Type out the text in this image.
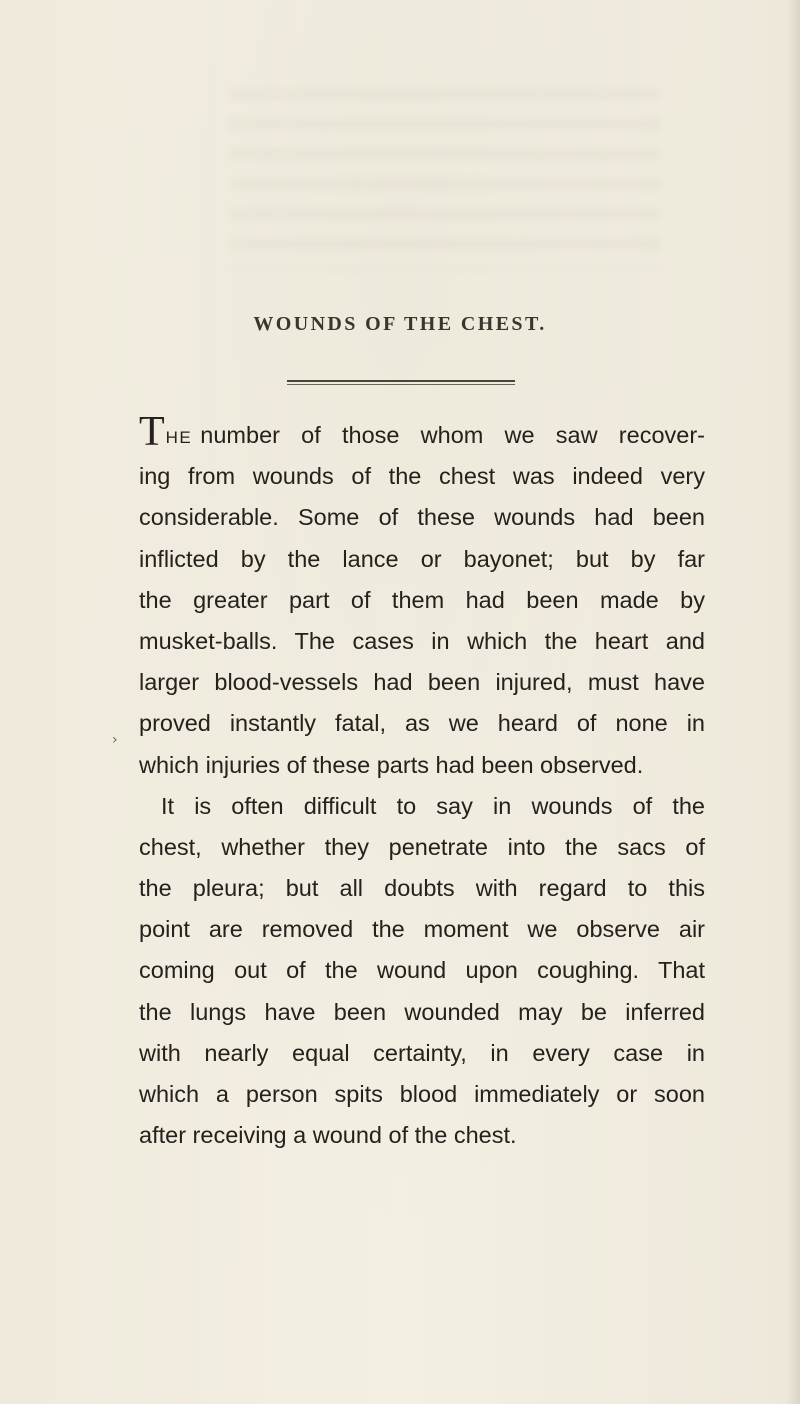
WOUNDS OF THE CHEST.
›
THE number of those whom we saw recover-
ing from wounds of the chest was indeed very
considerable. Some of these wounds had been
inflicted by the lance or bayonet; but by far
the greater part of them had been made by
musket-balls. The cases in which the heart and
larger blood-vessels had been injured, must have
proved instantly fatal, as we heard of none in
which injuries of these parts had been observed.
It is often difficult to say in wounds of the
chest, whether they penetrate into the sacs of
the pleura; but all doubts with regard to this
point are removed the moment we observe air
coming out of the wound upon coughing. That
the lungs have been wounded may be inferred
with nearly equal certainty, in every case in
which a person spits blood immediately or soon
after receiving a wound of the chest.
